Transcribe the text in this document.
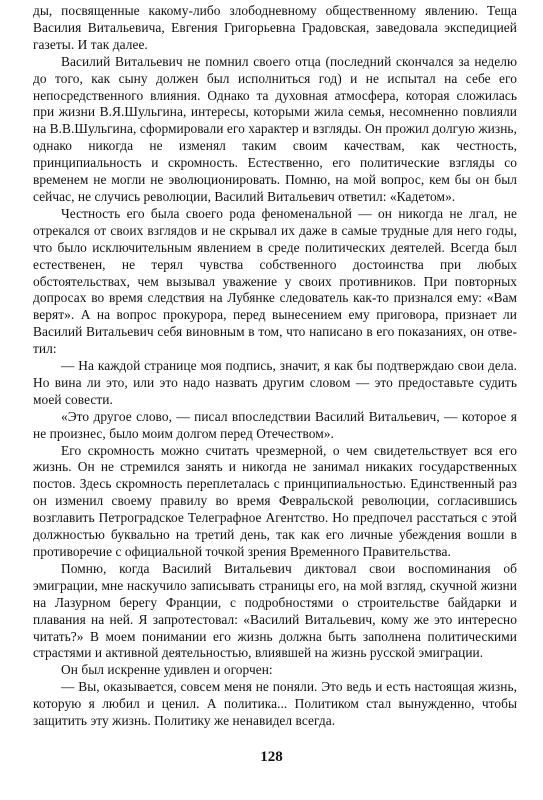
ды, посвященные какому-либо злободневному общественному явлению. Теща Василия Витальевича, Евгения Григорьевна Градовская, заведовала экспедицией газеты. И так далее.

Василий Витальевич не помнил своего отца (последний скончался за неделю до того, как сыну должен был исполниться год) и не испытал на себе его непосредственного влияния. Однако та духовная атмосфера, которая сложилась при жизни В.Я.Шульгина, интересы, которыми жила семья, несомненно повлияли на В.В.Шульгина, сформировали его характер и взгляды. Он прожил долгую жизнь, однако никогда не изменял таким своим качествам, как честность, принципиальность и скромность. Естественно, его политические взгляды со временем не могли не эволюционировать. Помню, на мой вопрос, кем бы он был сейчас, не случись революции, Василий Витальевич ответил: «Кадетом».

Честность его была своего рода феноменальной — он никогда не лгал, не отрекался от своих взглядов и не скрывал их даже в самые трудные для него годы, что было исключительным явлением в среде политических деятелей. Всегда был естественен, не терял чувства собственного достоинства при любых обстоятельствах, чем вызывал уважение у своих противников. При повторных допросах во время следствия на Лубянке следователь как-то признался ему: «Вам верят». А на вопрос прокурора, перед вынесением ему приговора, признает ли Василий Витальевич себя виновным в том, что написано в его показаниях, он ответил:

— На каждой странице моя подпись, значит, я как бы подтверждаю свои дела. Но вина ли это, или это надо назвать другим словом — это предоставьте судить моей совести.

«Это другое слово, — писал впоследствии Василий Витальевич, — которое я не произнес, было моим долгом перед Отечеством».

Его скромность можно считать чрезмерной, о чем свидетельствует вся его жизнь. Он не стремился занять и никогда не занимал никаких государственных постов. Здесь скромность переплеталась с принципиальностью. Единственный раз он изменил своему правилу во время Февральской революции, согласившись возглавить Петроградское Телеграфное Агентство. Но предпочел расстаться с этой должностью буквально на третий день, так как его личные убеждения вошли в противоречие с официальной точкой зрения Временного Правительства.

Помню, когда Василий Витальевич диктовал свои воспоминания об эмиграции, мне наскучило записывать страницы его, на мой взгляд, скучной жизни на Лазурном берегу Франции, с подробностями о строительстве байдарки и плавания на ней. Я запротестовал: «Василий Витальевич, кому же это интересно читать?» В моем понимании его жизнь должна быть заполнена политическими страстями и активной деятельностью, влиявшей на жизнь русской эмиграции.

Он был искренне удивлен и огорчен:

— Вы, оказывается, совсем меня не поняли. Это ведь и есть настоящая жизнь, которую я любил и ценил. А политика... Политиком стал вынужденно, чтобы защитить эту жизнь. Политику же ненавидел всегда.

128
